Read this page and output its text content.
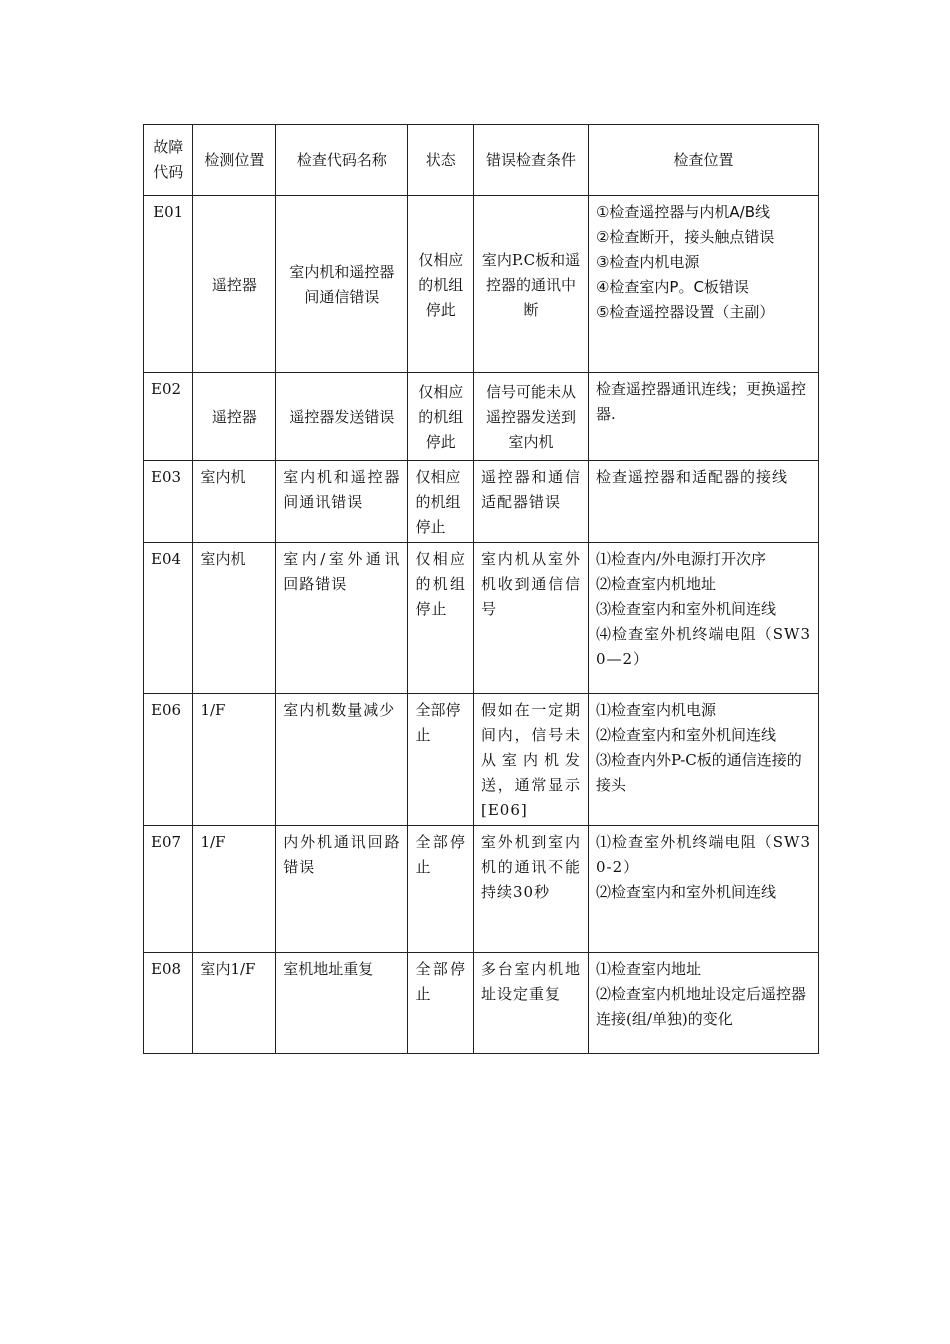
故障代码	检测位置	检查代码名称	状态	错误检查条件	检查位置
E01	遥控器	室内机和遥控器间通信错误	仅相应的机组停此	室内P.C板和遥控器的通讯中断	①检查遥控器与内机A/B线
②检查断开，接头触点错误
③检查内机电源
④检查室内P。C板错误
⑤检查遥控器设置（主副）

E02	遥控器	遥控器发送错误	仅相应的机组停此	信号可能未从遥控器发送到室内机	检查遥控器通讯连线；更换遥控器.

E03	室内机	室内机和遥控器间通讯错误	仅相应的机组停止	遥控器和通信适配器错误	检查遥控器和适配器的接线

E04	室内机	室内/室外通讯回路错误	仅相应的机组停止	室内机从室外机收到通信信号	⑴检查内/外电源打开次序
⑵检查室内机地址
⑶检查室内和室外机间连线
⑷检查室外机终端电阻（SW30—2）

E06	1/F	室内机数量减少	全部停止	假如在一定期间内，信号未从室内机发送，通常显示[E06]	⑴检查室内机电源
⑵检查室内和室外机间连线
⑶检查内外P-C板的通信连接的接头

E07	1/F	内外机通讯回路错误	全部停止	室外机到室内机的通讯不能持续30秒	⑴检查室外机终端电阻（SW30-2）
⑵检查室内和室外机间连线

E08	室内1/F	室机地址重复	全部停止	多台室内机地址设定重复	⑴检查室内地址
⑵检查室内机地址设定后遥控器连接(组/单独)的变化
